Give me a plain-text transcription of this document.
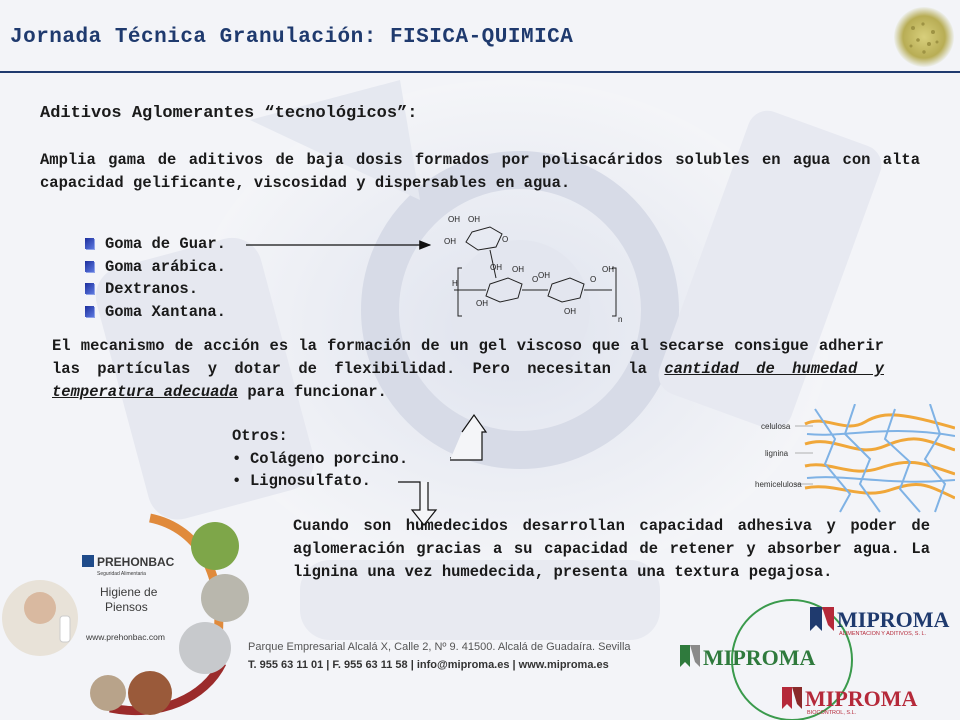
Jornada Técnica Granulación: FISICA-QUIMICA
Aditivos Aglomerantes “tecnológicos”:
Amplia gama de aditivos de baja dosis formados por polisacáridos solubles en agua con alta capacidad gelificante, viscosidad y dispersables en agua.
Goma de Guar.
Goma arábica.
Dextranos.
Goma Xantana.
OH OH
OH	O
OH OH
H
OH
O OH	O
OH
OH
n
El mecanismo de acción es la formación de un gel viscoso que al secarse consigue adherir las partículas y dotar de flexibilidad. Pero necesitan la cantidad de humedad y temperatura adecuada para funcionar.
Otros:
• Colágeno porcino.
• Lignosulfato.
celulosa
lignina
hemicelulosa
Cuando son humedecidos desarrollan capacidad adhesiva y poder de aglomeración gracias a su capacidad de retener y absorber agua. La lignina una vez humedecida, presenta una textura pegajosa.
PREHONBAC
Seguridad Alimentaria
Higiene de
Piensos
www.prehonbac.com
Parque Empresarial Alcalá X, Calle 2, Nº 9. 41500. Alcalá de Guadaíra. Sevilla
T. 955 63 11 01 | F. 955 63 11 58 | info@miproma.es | www.miproma.es
MIPROMA
ALIMENTACION Y ADITIVOS, S. L.
MIPROMA
MIPROMA
BIOCONTROL, S.L.
